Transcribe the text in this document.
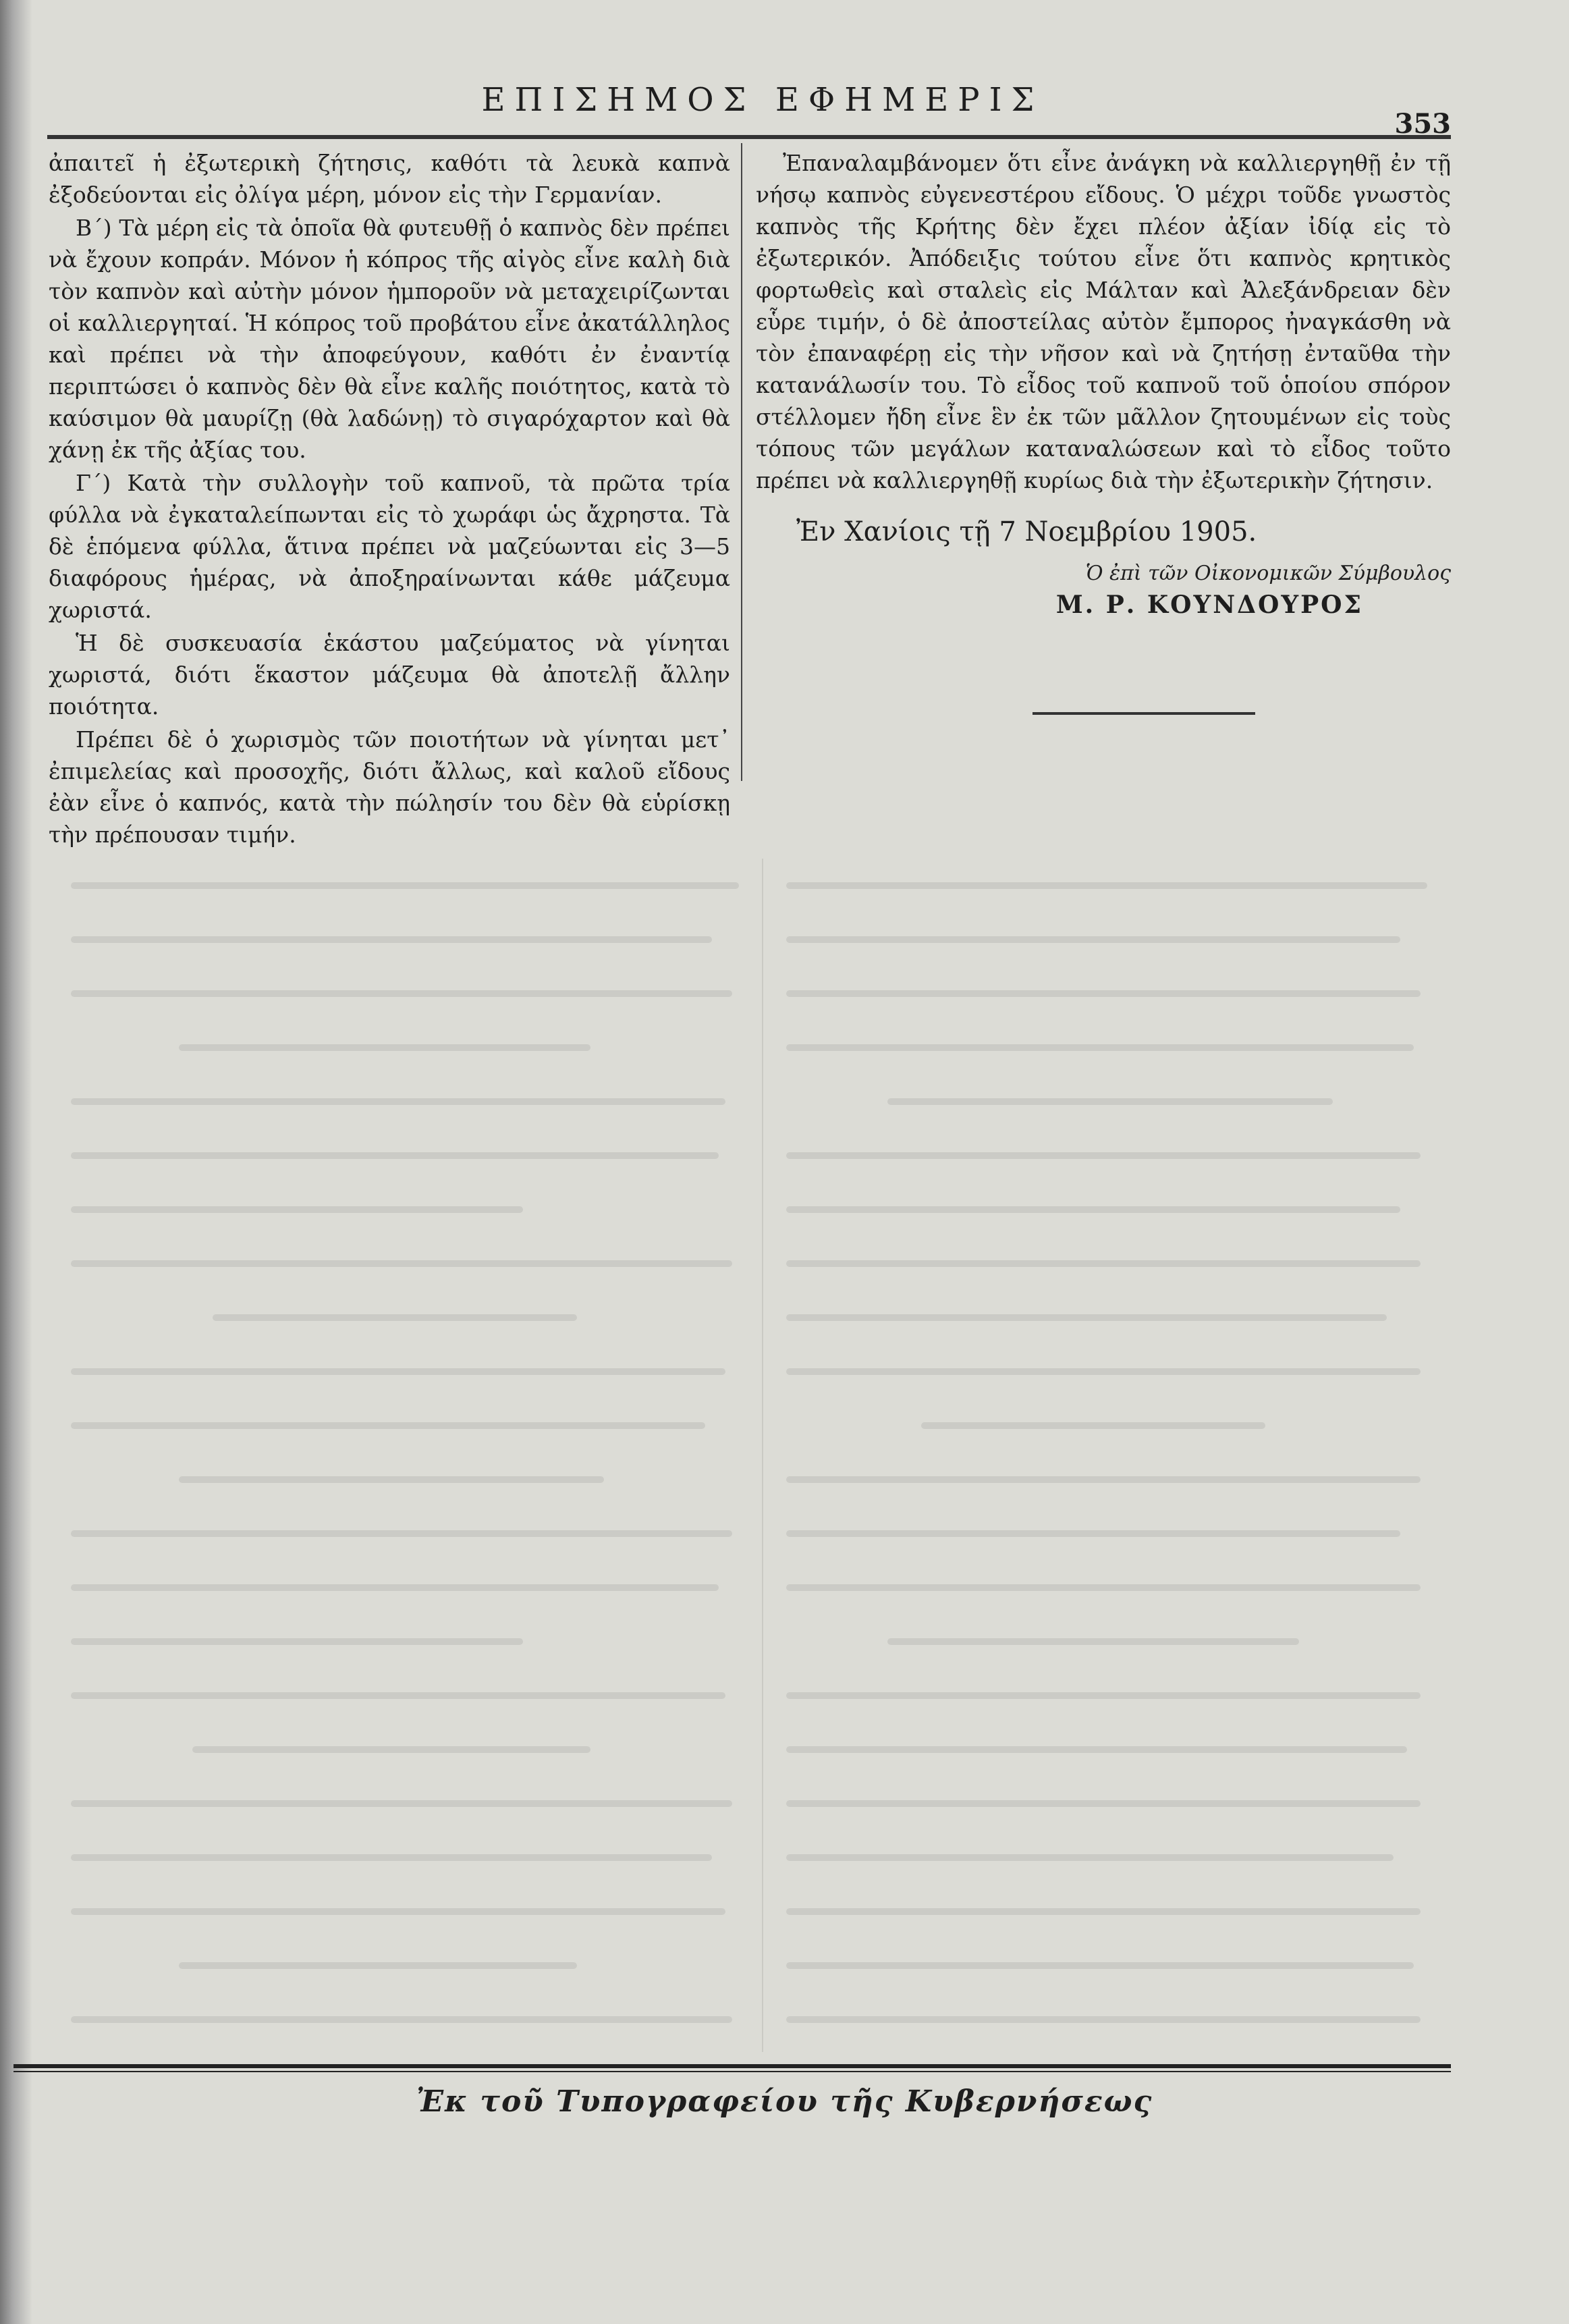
ΕΠΙΣΗΜΟΣ ΕΦΗΜΕΡΙΣ
353

ἀπαιτεῖ ἡ ἐξωτερικὴ ζήτησις, καθότι τὰ λευκὰ καπνὰ ἐξοδεύονται εἰς ὀλίγα μέρη, μόνον εἰς τὴν Γερμανίαν.

Β΄) Τὰ μέρη εἰς τὰ ὁποῖα θὰ φυτευθῇ ὁ καπνὸς δὲν πρέπει νὰ ἔχουν κοπράν. Μόνον ἡ κόπρος τῆς αἰγὸς εἶνε καλὴ διὰ τὸν καπνὸν καὶ αὐτὴν μόνον ἡμποροῦν νὰ μεταχειρίζωνται οἱ καλλιεργηταί. Ἡ κόπρος τοῦ προβάτου εἶνε ἀκατάλληλος καὶ πρέπει νὰ τὴν ἀποφεύγουν, καθότι ἐν ἐναντίᾳ περιπτώσει ὁ καπνὸς δὲν θὰ εἶνε καλῆς ποιότητος, κατὰ τὸ καύσιμον θὰ μαυρίζῃ (θὰ λαδώνῃ) τὸ σιγαρόχαρτον καὶ θὰ χάνῃ ἐκ τῆς ἀξίας του.

Γ΄) Κατὰ τὴν συλλογὴν τοῦ καπνοῦ, τὰ πρῶτα τρία φύλλα νὰ ἐγκαταλείπωνται εἰς τὸ χωράφι ὡς ἄχρηστα. Τὰ δὲ ἑπόμενα φύλλα, ἅτινα πρέπει νὰ μαζεύωνται εἰς 3—5 διαφόρους ἡμέρας, νὰ ἀποξηραίνωνται κάθε μάζευμα χωριστά.

Ἡ δὲ συσκευασία ἑκάστου μαζεύματος νὰ γίνηται χωριστά, διότι ἕκαστον μάζευμα θὰ ἀποτελῇ ἄλλην ποιότητα.

Πρέπει δὲ ὁ χωρισμὸς τῶν ποιοτήτων νὰ γίνηται μετ᾽ ἐπιμελείας καὶ προσοχῆς, διότι ἄλλως, καὶ καλοῦ εἴδους ἐὰν εἶνε ὁ καπνός, κατὰ τὴν πώλησίν του δὲν θὰ εὑρίσκῃ τὴν πρέπουσαν τιμήν.

Ἐπαναλαμβάνομεν ὅτι εἶνε ἀνάγκη νὰ καλλιεργηθῇ ἐν τῇ νήσῳ καπνὸς εὐγενεστέρου εἴδους. Ὁ μέχρι τοῦδε γνωστὸς καπνὸς τῆς Κρήτης δὲν ἔχει πλέον ἀξίαν ἰδίᾳ εἰς τὸ ἐξωτερικόν. Ἀπόδειξις τούτου εἶνε ὅτι καπνὸς κρητικὸς φορτωθεὶς καὶ σταλεὶς εἰς Μάλταν καὶ Ἀλεξάνδρειαν δὲν εὗρε τιμήν, ὁ δὲ ἀποστείλας αὐτὸν ἔμπορος ἠναγκάσθη νὰ τὸν ἐπαναφέρῃ εἰς τὴν νῆσον καὶ νὰ ζητήσῃ ἐνταῦθα τὴν κατανάλωσίν του. Τὸ εἶδος τοῦ καπνοῦ τοῦ ὁποίου σπόρον στέλλομεν ἤδη εἶνε ἓν ἐκ τῶν μᾶλλον ζητουμένων εἰς τοὺς τόπους τῶν μεγάλων καταναλώσεων καὶ τὸ εἶδος τοῦτο πρέπει νὰ καλλιεργηθῇ κυρίως διὰ τὴν ἐξωτερικὴν ζήτησιν.

Ἐν Χανίοις τῇ 7 Νοεμβρίου 1905.
Ὁ ἐπὶ τῶν Οἰκονομικῶν Σύμβουλος
Μ. Ρ. ΚΟΥΝΔΟΥΡΟΣ
Ἐκ τοῦ Τυπογραφείου τῆς Κυβερνήσεως
